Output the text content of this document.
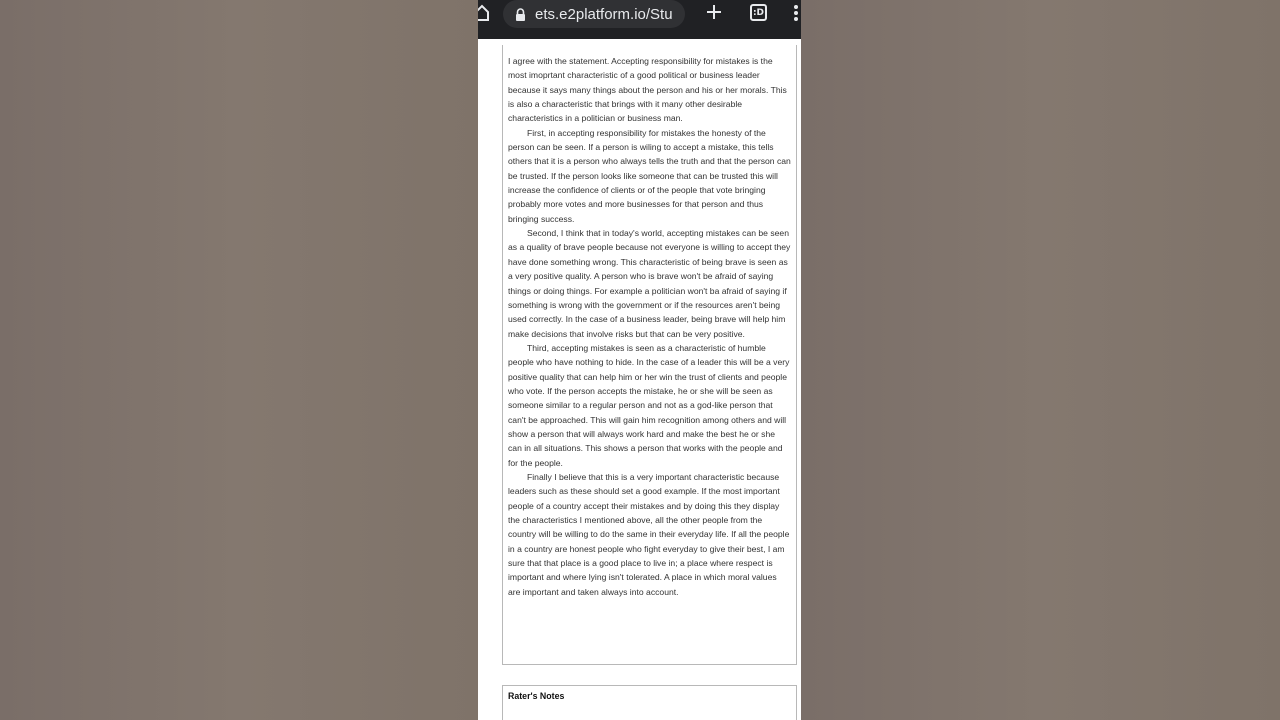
ets.e2platform.io/Stu	:D

I agree with the statement. Accepting responsibility for mistakes is the most imoprtant characteristic of a good political or business leader because it says many things about the person and his or her morals. This is also a characteristic that brings with it many other desirable characteristics in a politician or business man.

First, in accepting responsibility for mistakes the honesty of the person can be seen. If a person is wiling to accept a mistake, this tells others that it is a person who always tells the truth and that the person can be trusted. If the person looks like someone that can be trusted this will increase the confidence of clients or of the people that vote bringing probably more votes and more businesses for that person and thus bringing success.

Second, I think that in today's world, accepting mistakes can be seen as a quality of brave people because not everyone is willing to accept they have done something wrong. This characteristic of being brave is seen as a very positive quality. A person who is brave won't be afraid of saying things or doing things. For example a politician won't ba afraid of saying if something is wrong with the government or if the resources aren't being used correctly. In the case of a business leader, being brave will help him make decisions that involve risks but that can be very positive.

Third, accepting mistakes is seen as a characteristic of humble people who have nothing to hide. In the case of a leader this will be a very positive quality that can help him or her win the trust of clients and people who vote. If the person accepts the mistake, he or she will be seen as someone similar to a regular person and not as a god-like person that can't be approached. This will gain him recognition among others and will show a person that will always work hard and make the best he or she can in all situations. This shows a person that works with the people and for the people.

Finally I believe that this is a very important characteristic because leaders such as these should set a good example. If the most important people of a country accept their mistakes and by doing this they display the characteristics I mentioned above, all the other people from the country will be willing to do the same in their everyday life. If all the people in a country are honest people who fight everyday to give their best, I am sure that that place is a good place to live in; a place where respect is important and where lying isn't tolerated. A place in which moral values are important and taken always into account.

Rater's Notes
